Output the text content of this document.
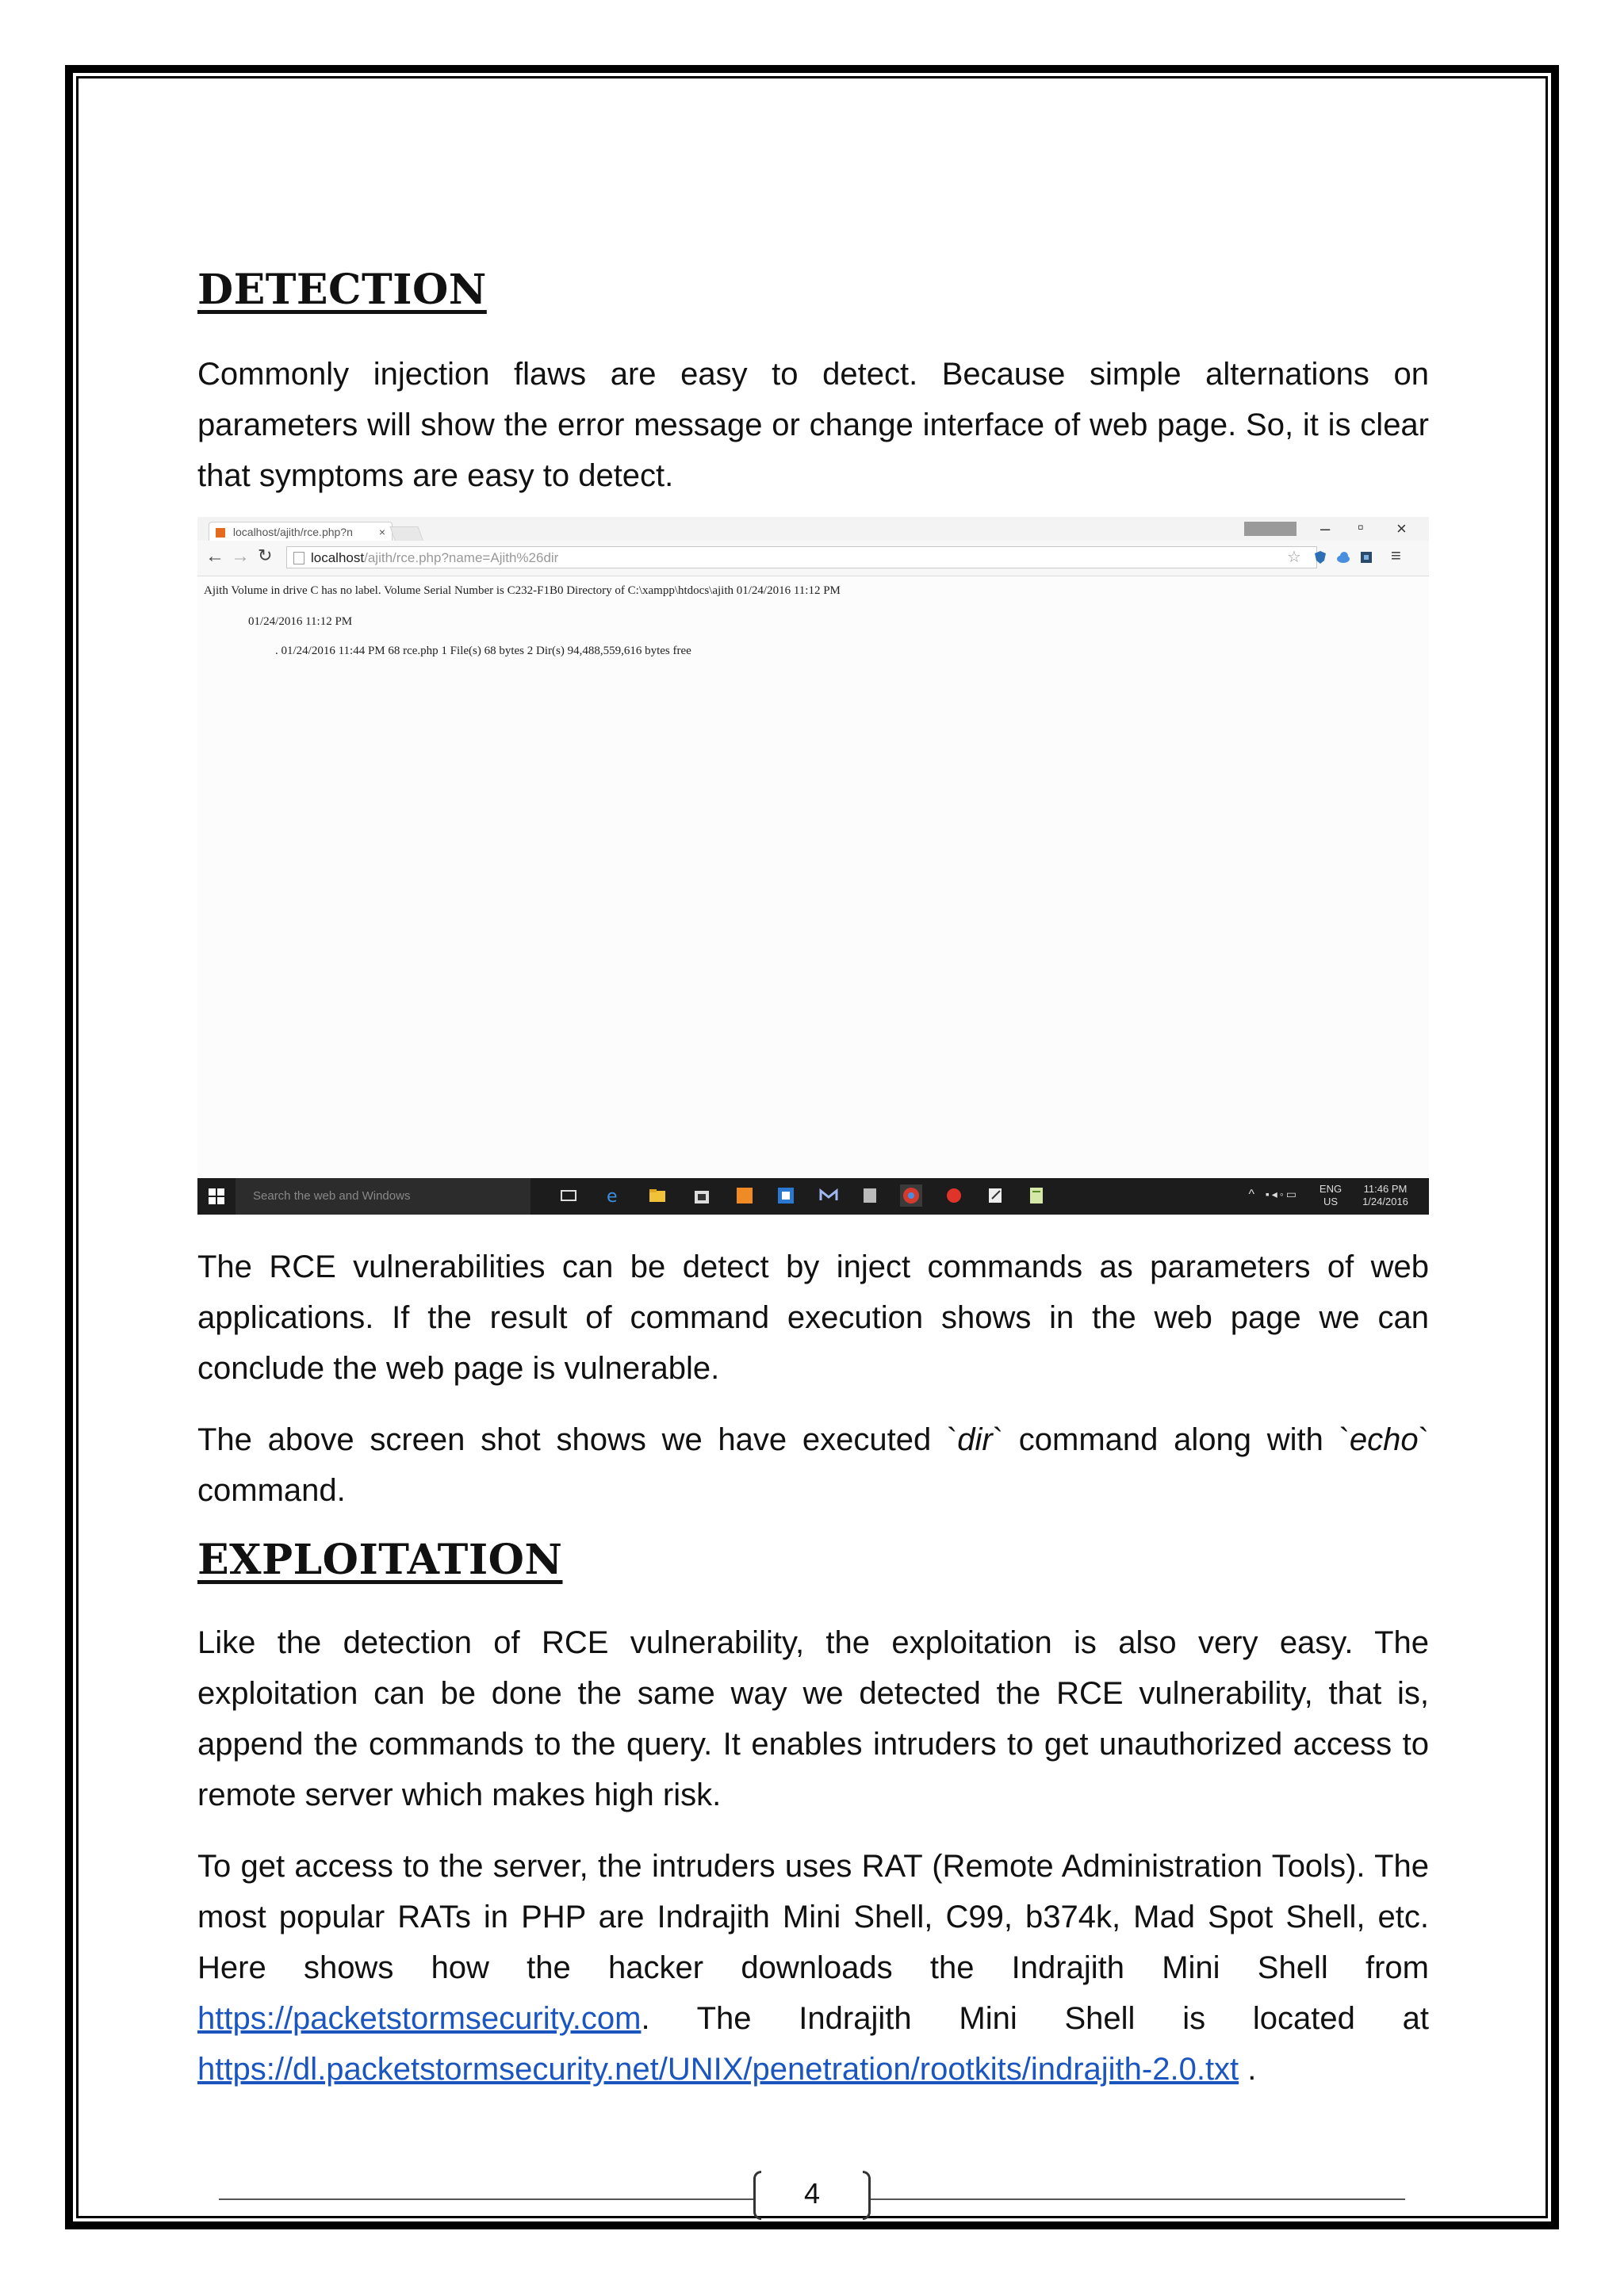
DETECTION

Commonly injection flaws are easy to detect. Because simple alternations on parameters will show the error message or change interface of web page. So, it is clear that symptoms are easy to detect.

localhost/ajith/rce.php?n ×	– ▫ ×
← → ↻	localhost/ajith/rce.php?name=Ajith%26dir	☆	≡
Ajith Volume in drive C has no label. Volume Serial Number is C232-F1B0 Directory of C:\xampp\htdocs\ajith 01/24/2016 11:12 PM
01/24/2016 11:12 PM
. 01/24/2016 11:44 PM 68 rce.php 1 File(s) 68 bytes 2 Dir(s) 94,488,559,616 bytes free
Search the web and Windows	e	^ ▪◂◦▭	ENG
US
11:46 PM
1/24/2016

The RCE vulnerabilities can be detect by inject commands as parameters of web applications. If the result of command execution shows in the web page we can conclude the web page is vulnerable.

The above screen shot shows we have executed `dir` command along with `echo` command.

EXPLOITATION

Like the detection of RCE vulnerability, the exploitation is also very easy. The exploitation can be done the same way we detected the RCE vulnerability, that is, append the commands to the query. It enables intruders to get unauthorized access to remote server which makes high risk.

To get access to the server, the intruders uses RAT (Remote Administration Tools). The most popular RATs in PHP are Indrajith Mini Shell, C99, b374k, Mad Spot Shell, etc. Here shows how the hacker downloads the Indrajith Mini Shell from https://packetstormsecurity.com. The Indrajith Mini Shell is located at https://dl.packetstormsecurity.net/UNIX/penetration/rootkits/indrajith-2.0.txt .

4
